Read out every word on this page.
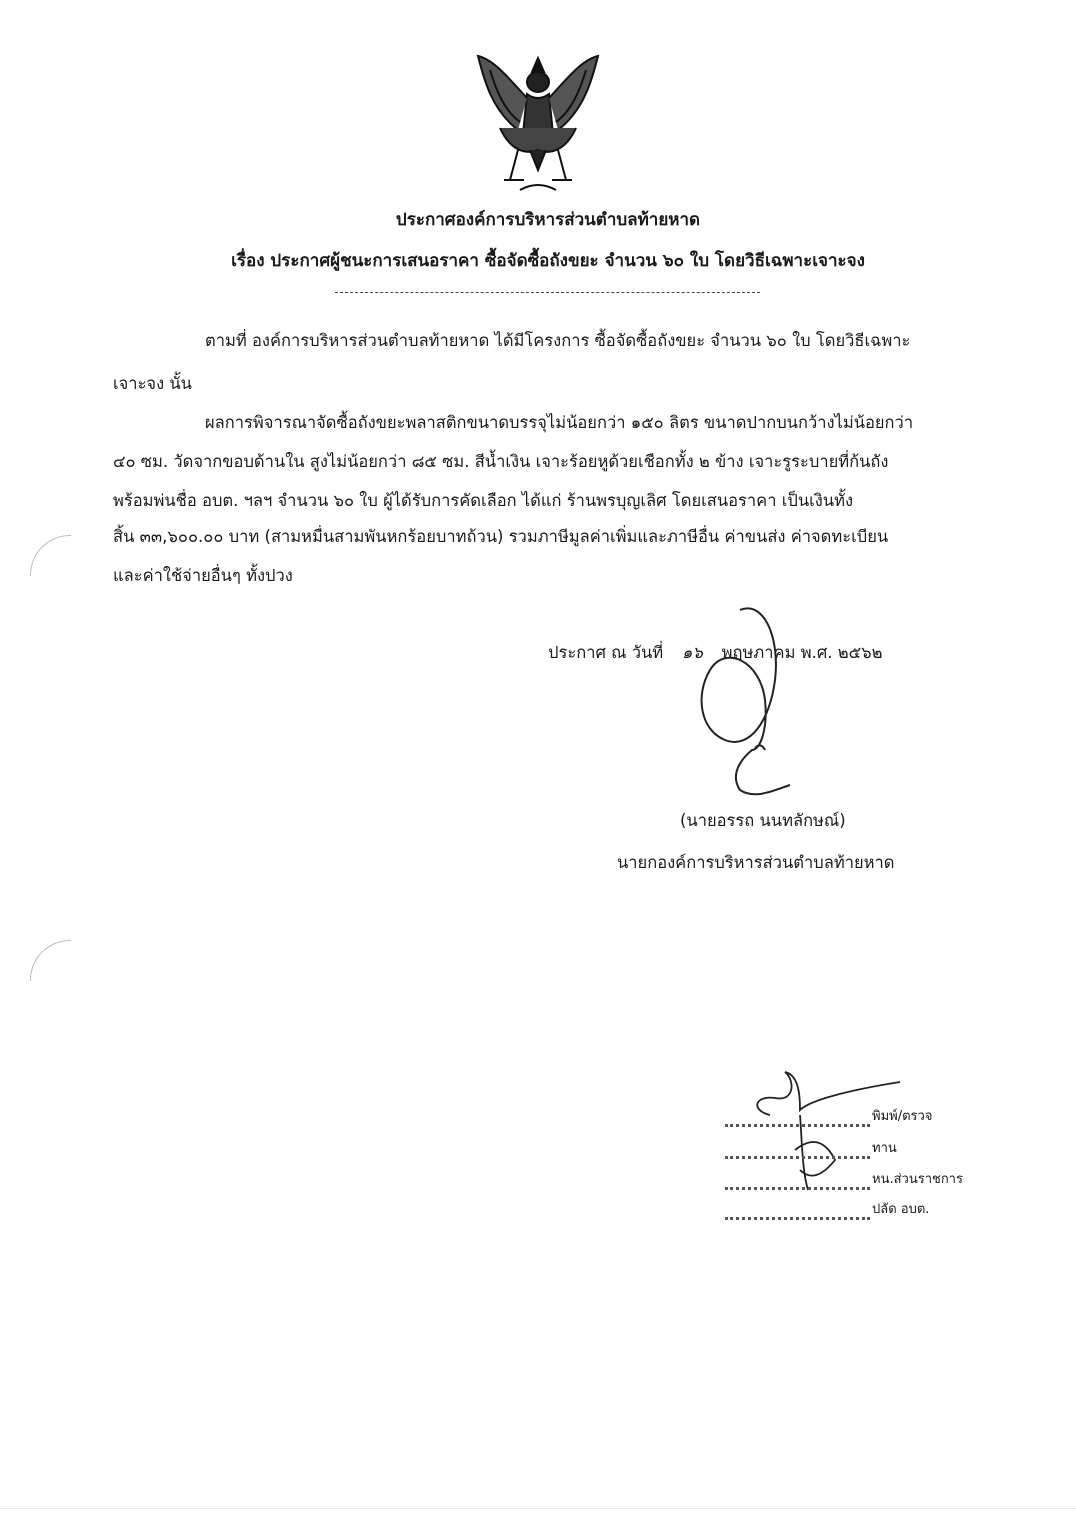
ประกาศองค์การบริหารส่วนตำบลท้ายหาด
เรื่อง ประกาศผู้ชนะการเสนอราคา ซื้อจัดซื้อถังขยะ จำนวน ๖๐ ใบ โดยวิธีเฉพาะเจาะจง
ตามที่ องค์การบริหารส่วนตำบลท้ายหาด ได้มีโครงการ ซื้อจัดซื้อถังขยะ จำนวน ๖๐ ใบ โดยวิธีเฉพาะ
เจาะจง นั้น
ผลการพิจารณาจัดซื้อถังขยะพลาสติกขนาดบรรจุไม่น้อยกว่า ๑๕๐ ลิตร ขนาดปากบนกว้างไม่น้อยกว่า
๔๐ ซม. วัดจากขอบด้านใน สูงไม่น้อยกว่า ๘๕ ซม. สีน้ำเงิน เจาะร้อยหูด้วยเชือกทั้ง ๒ ข้าง เจาะรูระบายที่ก้นถัง
พร้อมพ่นชื่อ อบต. ฯลฯ จำนวน ๖๐ ใบ ผู้ได้รับการคัดเลือก ได้แก่ ร้านพรบุญเลิศ โดยเสนอราคา เป็นเงินทั้ง
สิ้น ๓๓,๖๐๐.๐๐ บาท (สามหมื่นสามพันหกร้อยบาทถ้วน) รวมภาษีมูลค่าเพิ่มและภาษีอื่น ค่าขนส่ง ค่าจดทะเบียน
และค่าใช้จ่ายอื่นๆ ทั้งปวง
ประกาศ ณ วันที่ ๑๖ พฤษภาคม พ.ศ. ๒๕๖๒
(นายอรรถ นนทลักษณ์)
นายกองค์การบริหารส่วนตำบลท้ายหาด
พิมพ์/ตรวจ
ทาน
หน.ส่วนราชการ
ปลัด อบต.
